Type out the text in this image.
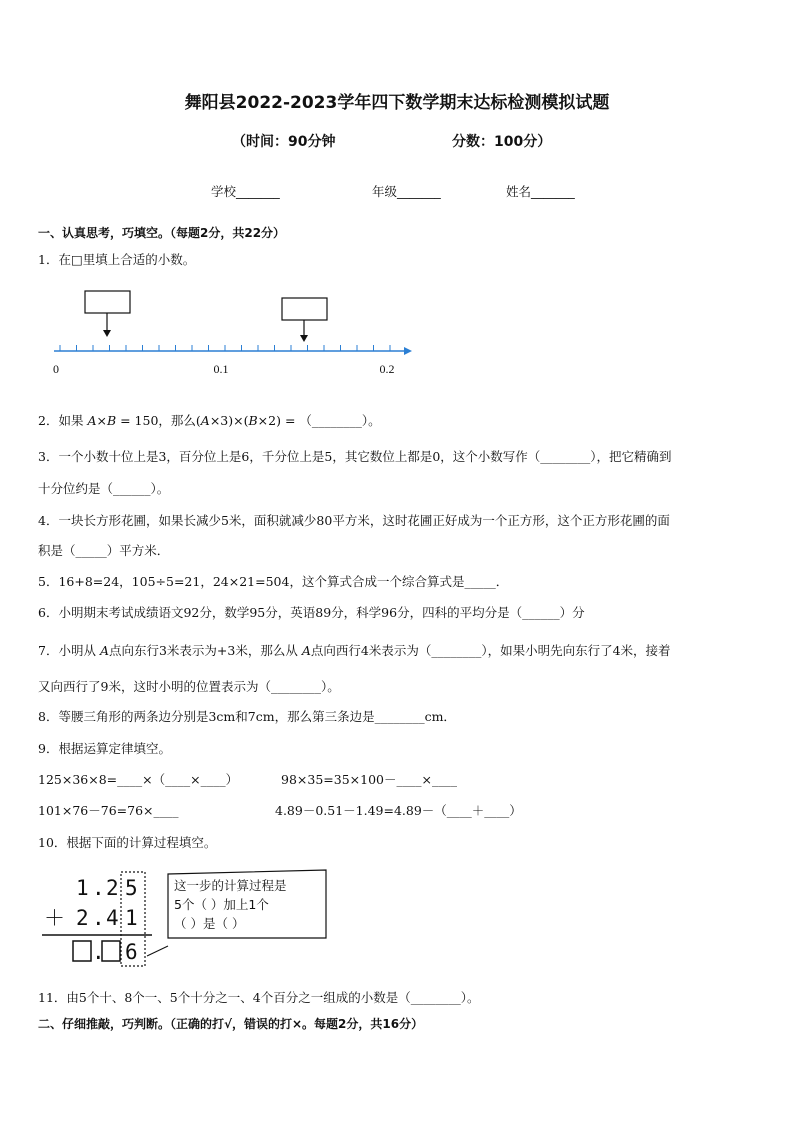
舞阳县2022-2023学年四下数学期末达标检测模拟试题
（时间：90分钟	分数：100分）
学校_______	年级_______	姓名_______
一、认真思考，巧填空。（每题2分，共22分）
1．在□里填上合适的小数。
0	0.1	0.2
2．如果 A×B = 150，那么(A×3)×(B×2) = （________）。
3．一个小数十位上是3，百分位上是6，千分位上是5，其它数位上都是0，这个小数写作（________），把它精确到
十分位约是（______）。
4．一块长方形花圃，如果长减少5米，面积就减少80平方米，这时花圃正好成为一个正方形，这个正方形花圃的面
积是（_____）平方米．
5．16+8=24，105÷5=21，24×21=504，这个算式合成一个综合算式是_____．
6．小明期末考试成绩语文92分，数学95分，英语89分，科学96分，四科的平均分是（______）分
7．小明从 A点向东行3米表示为+3米，那么从 A点向西行4米表示为（________），如果小明先向东行了4米，接着
又向西行了9米，这时小明的位置表示为（________）。
8．等腰三角形的两条边分别是3cm和7cm，那么第三条边是________cm．
9．根据运算定律填空。
125×36×8=____×（____×____）	98×35=35×100－____×____
101×76－76=76×____	4.89－0.51－1.49=4.89－（____＋____）
10．根据下面的计算过程填空。
1 . 2 5
＋ 2 . 4 1
. 6
这一步的计算过程是
5个（ ）加上1个
（ ）是（ ）
11．由5个十、8个一、5个十分之一、4个百分之一组成的小数是（________）。
二、仔细推敲，巧判断。（正确的打√，错误的打×。每题2分，共16分）
